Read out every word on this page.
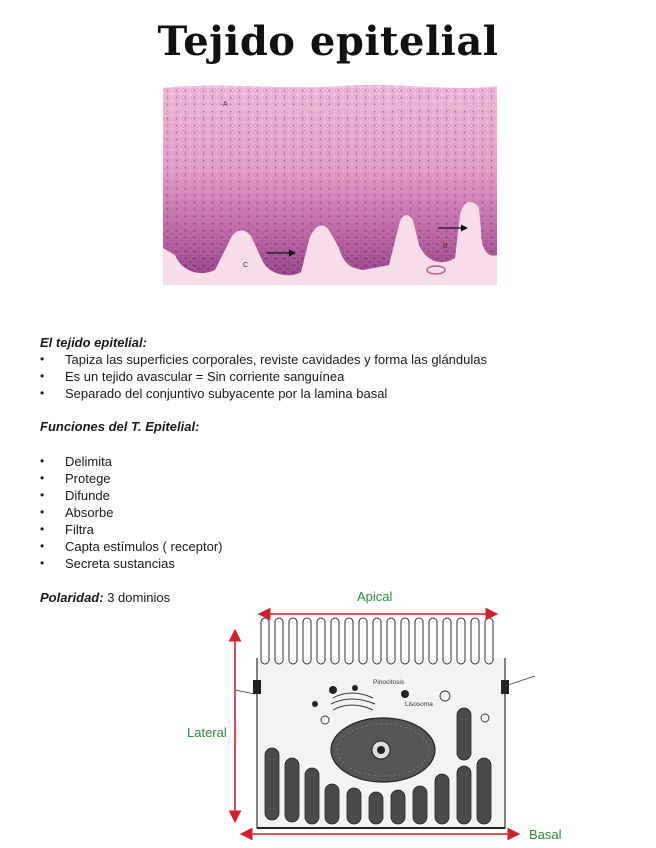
Tejido epitelial
A
B
C
El tejido epitelial:
• Tapiza las superficies corporales, reviste cavidades y forma las glándulas
• Es un tejido avascular = Sin corriente sanguínea
• Separado del conjuntivo subyacente por la lamina basal
Funciones del T. Epitelial:
• Delimita
• Protege
• Difunde
• Absorbe
• Filtra
• Capta estímulos ( receptor)
• Secreta sustancias
Polaridad: 3 dominios	Apical
Lateral
Basal
Pinocitosis
Lisosoma
